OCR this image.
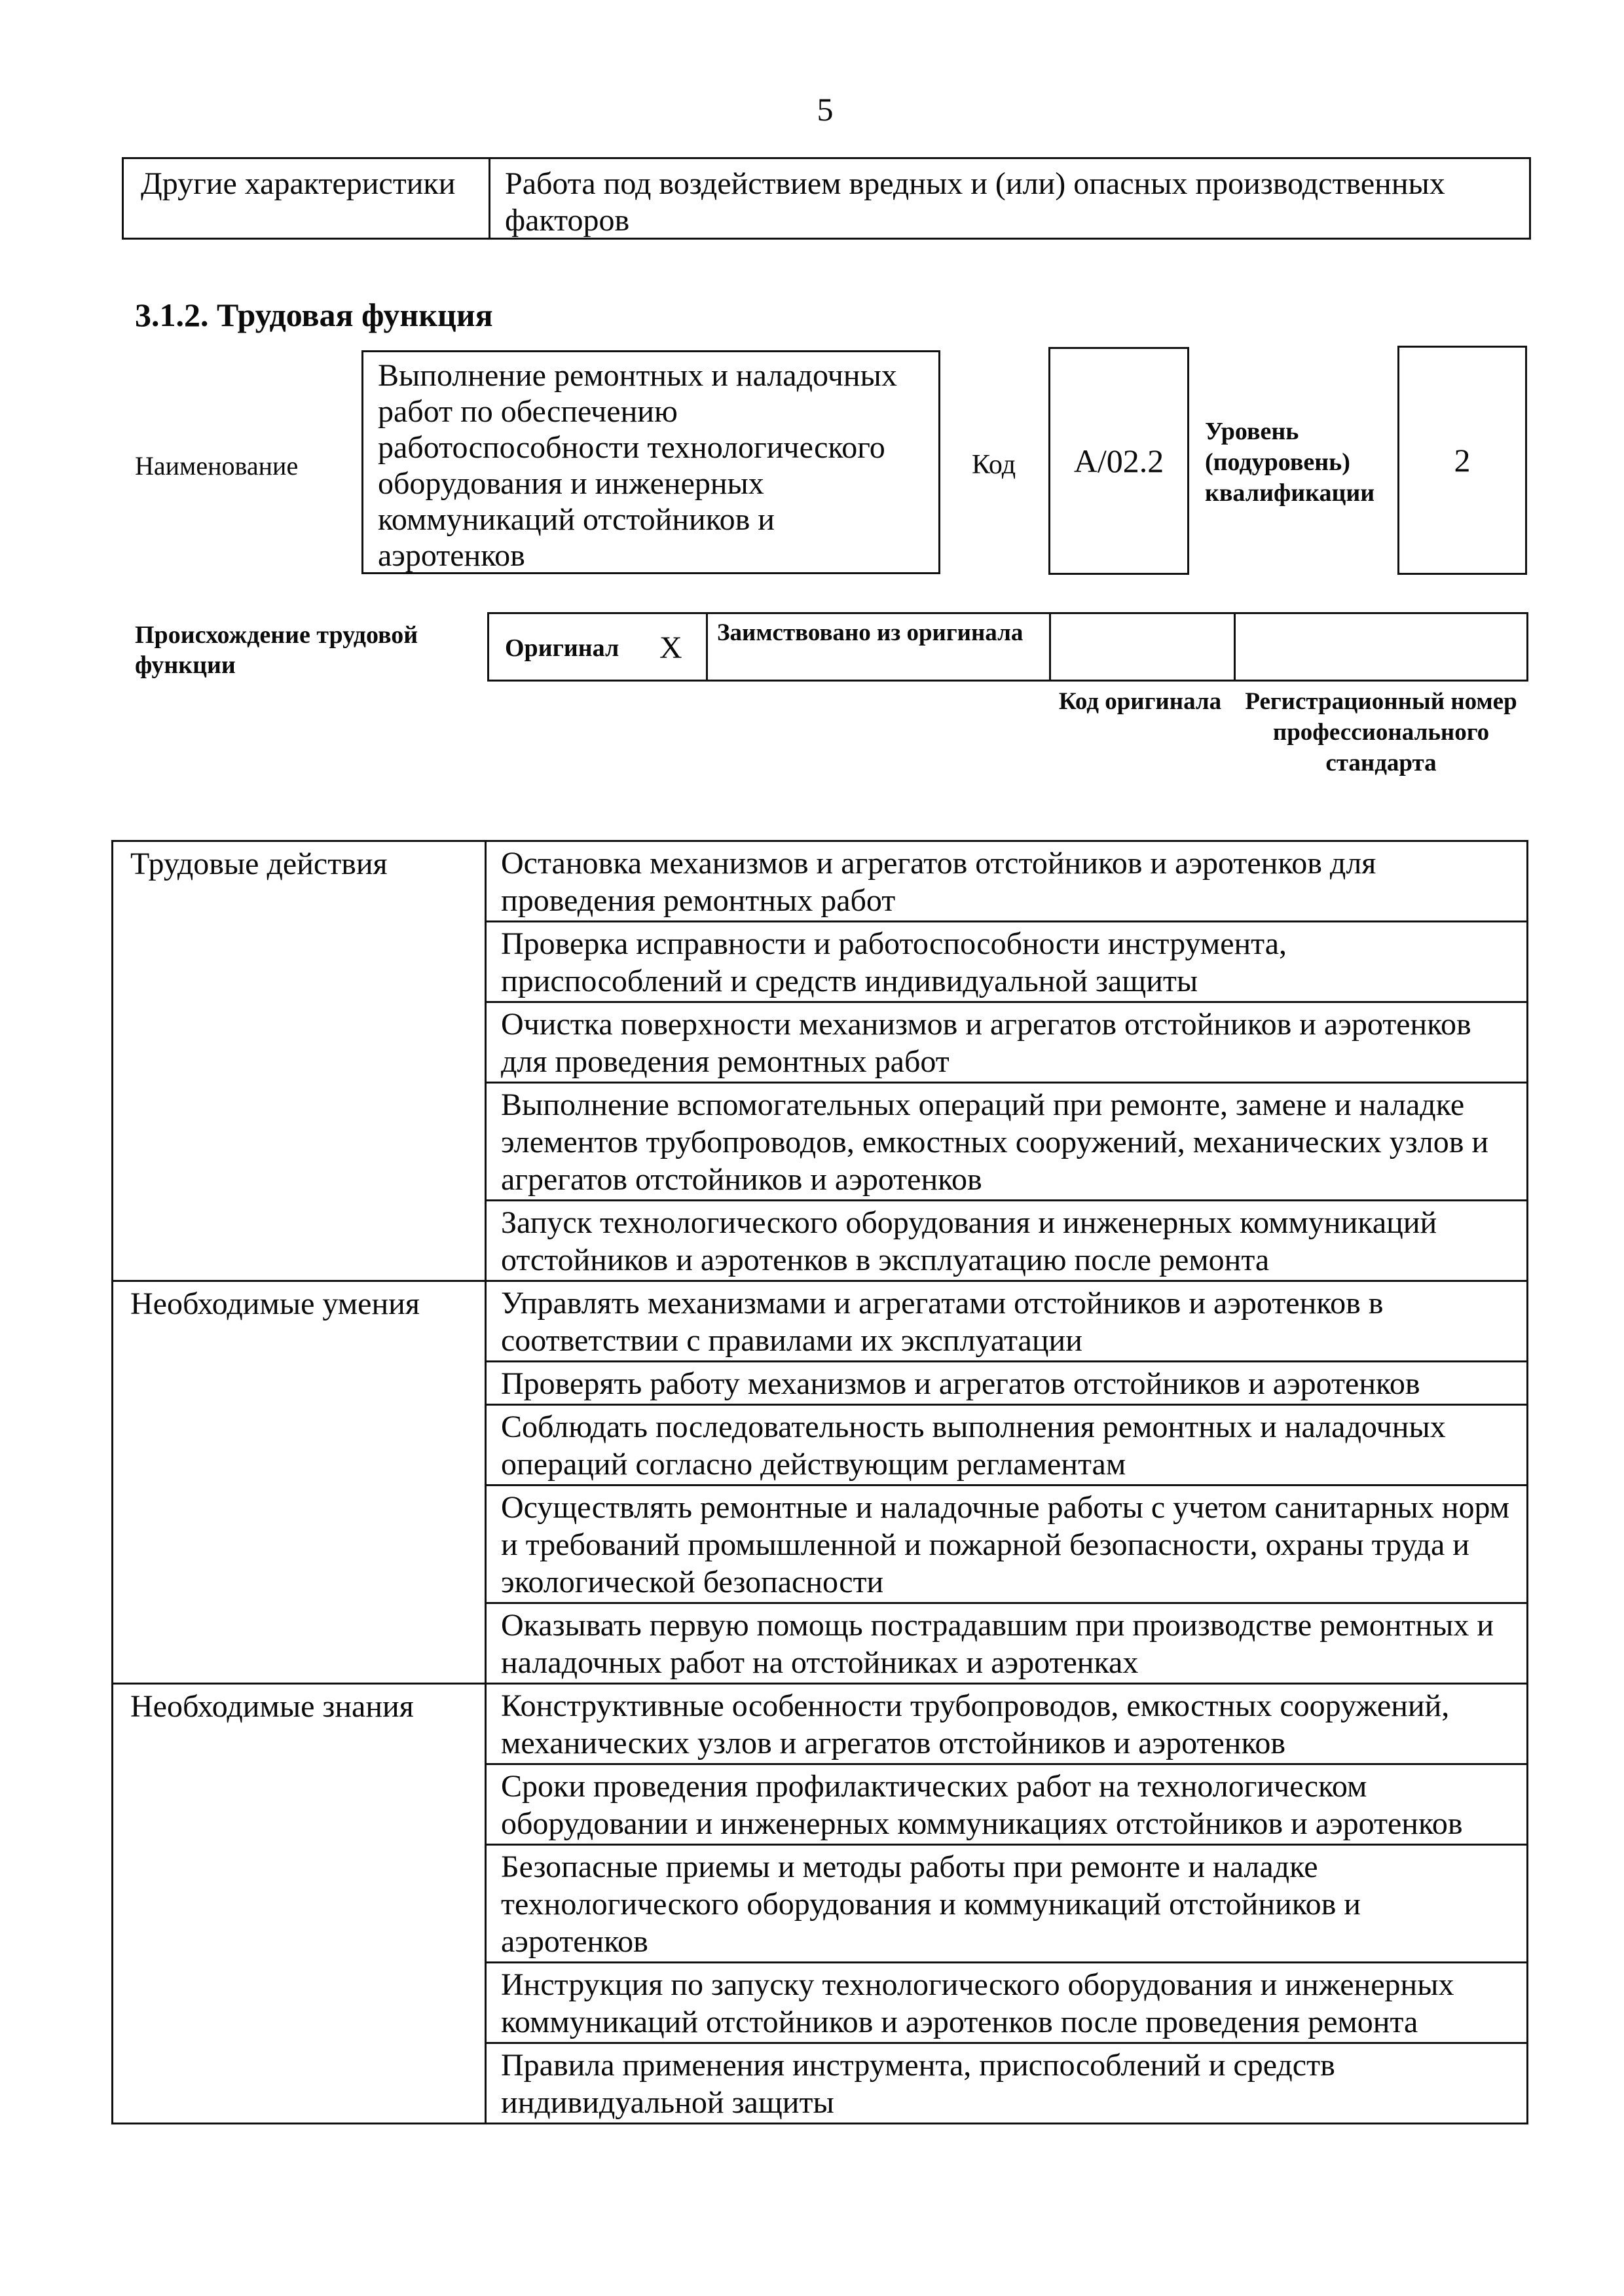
5
Другие характеристики	Работа под воздействием вредных и (или) опасных производственных факторов
3.1.2. Трудовая функция
Наименование
Выполнение ремонтных и наладочных работ по обеспечению работоспособности технологического оборудования и инженерных коммуникаций отстойников и аэротенков
Код	А/02.2
Уровень (подуровень) квалификации
2
Происхождение трудовой функции
Оригинал X	Заимствовано из оригинала
Код оригинала Регистрационный номер профессионального стандарта
Трудовые действия	Остановка механизмов и агрегатов отстойников и аэротенков для проведения ремонтных работ
Проверка исправности и работоспособности инструмента, приспособлений и средств индивидуальной защиты
Очистка поверхности механизмов и агрегатов отстойников и аэротенков для проведения ремонтных работ
Выполнение вспомогательных операций при ремонте, замене и наладке элементов трубопроводов, емкостных сооружений, механических узлов и агрегатов отстойников и аэротенков
Запуск технологического оборудования и инженерных коммуникаций отстойников и аэротенков в эксплуатацию после ремонта
Необходимые умения	Управлять механизмами и агрегатами отстойников и аэротенков в соответствии с правилами их эксплуатации
Проверять работу механизмов и агрегатов отстойников и аэротенков
Соблюдать последовательность выполнения ремонтных и наладочных операций согласно действующим регламентам
Осуществлять ремонтные и наладочные работы с учетом санитарных норм и требований промышленной и пожарной безопасности, охраны труда и экологической безопасности
Оказывать первую помощь пострадавшим при производстве ремонтных и наладочных работ на отстойниках и аэротенках
Необходимые знания	Конструктивные особенности трубопроводов, емкостных сооружений, механических узлов и агрегатов отстойников и аэротенков
Сроки проведения профилактических работ на технологическом оборудовании и инженерных коммуникациях отстойников и аэротенков
Безопасные приемы и методы работы при ремонте и наладке технологического оборудования и коммуникаций отстойников и аэротенков
Инструкция по запуску технологического оборудования и инженерных коммуникаций отстойников и аэротенков после проведения ремонта
Правила применения инструмента, приспособлений и средств индивидуальной защиты
